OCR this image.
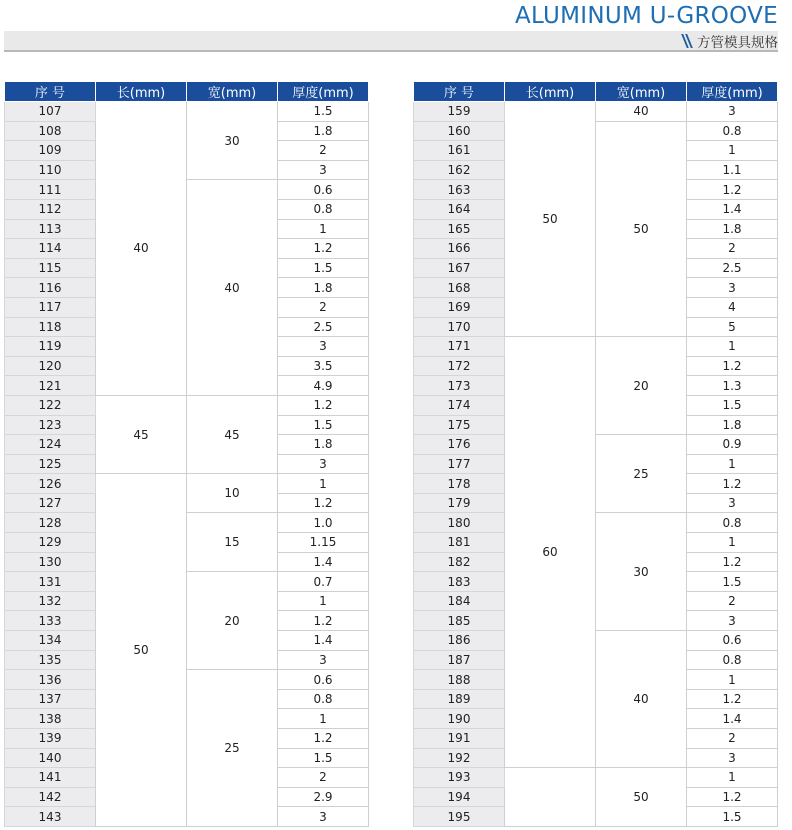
ALUMINUM U-GROOVE
方管模具规格
序 号	长(mm)	宽(mm)	厚度(mm)
107	40	30	1.5
108			1.8
109			2
110			3
111		40	0.6
112			0.8
113			1
114			1.2
115			1.5
116			1.8
117			2
118			2.5
119			3
120			3.5
121			4.9
122	45	45	1.2
123			1.5
124			1.8
125			3
126	50	10	1
127			1.2
128		15	1.0
129			1.15
130			1.4
131		20	0.7
132			1
133			1.2
134			1.4
135			3
136		25	0.6
137			0.8
138			1
139			1.2
140			1.5
141			2
142			2.9
143			3
序 号	长(mm)	宽(mm)	厚度(mm)
159	50	40	3
160		50	0.8
161			1
162			1.1
163			1.2
164			1.4
165			1.8
166			2
167			2.5
168			3
169			4
170			5
171	60	20	1
172			1.2
173			1.3
174			1.5
175			1.8
176		25	0.9
177			1
178			1.2
179			3
180		30	0.8
181			1
182			1.2
183			1.5
184			2
185			3
186		40	0.6
187			0.8
188			1
189			1.2
190			1.4
191			2
192			3
193		50	1
194			1.2
195			1.5
